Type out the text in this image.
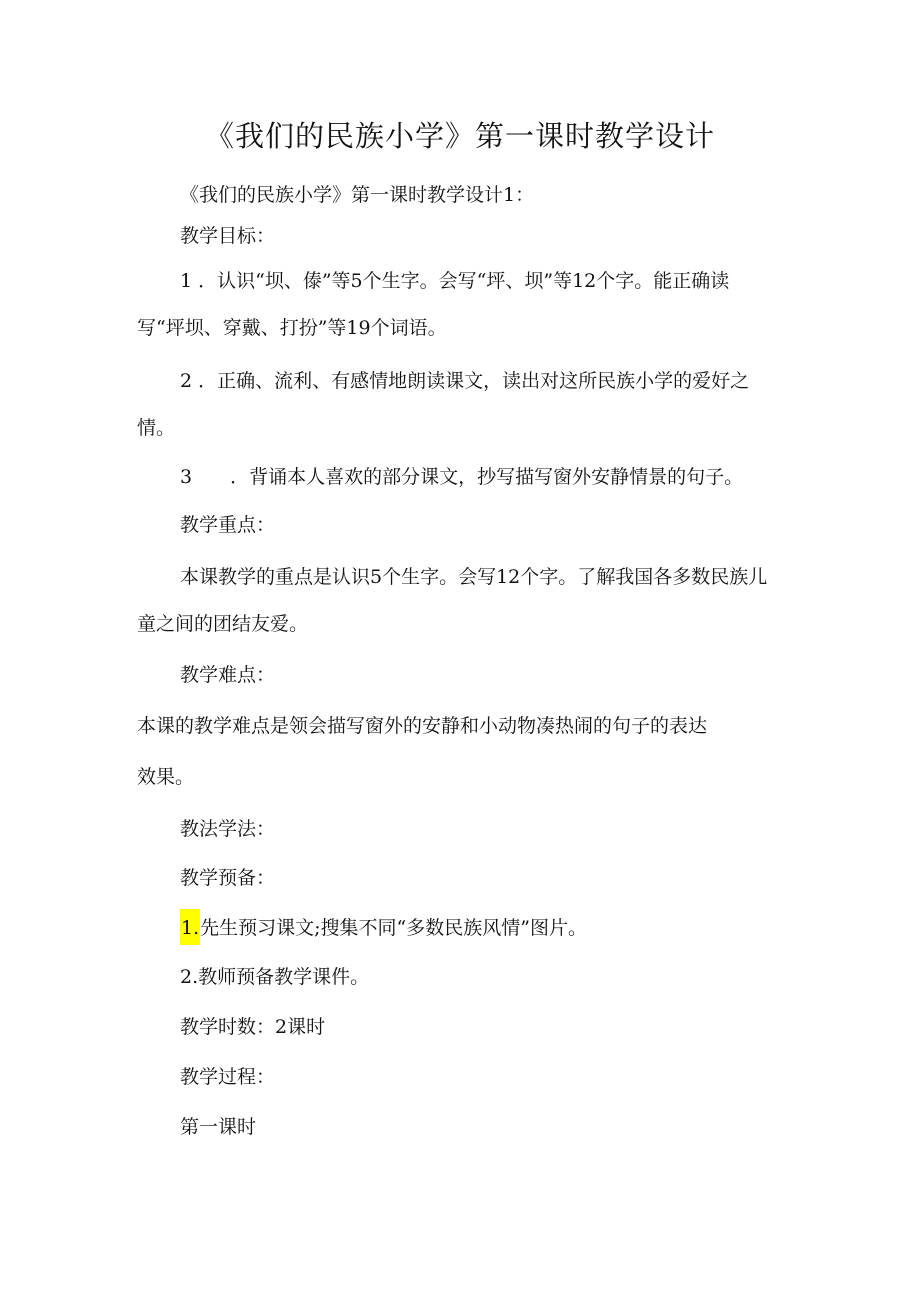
《我们的民族小学》第一课时教学设计
《我们的民族小学》第一课时教学设计1：
教学目标：
1 ．认识“坝、傣”等5个生字。会写“坪、坝”等12个字。能正确读
写“坪坝、穿戴、打扮”等19个词语。
2 ．正确、流利、有感情地朗读课文，读出对这所民族小学的爱好之
情。
3 ．背诵本人喜欢的部分课文，抄写描写窗外安静情景的句子。
教学重点：
本课教学的重点是认识5个生字。会写12个字。了解我国各多数民族儿
童之间的团结友爱。
教学难点：
本课的教学难点是领会描写窗外的安静和小动物凑热闹的句子的表达
效果。
教法学法：
教学预备：
1.先生预习课文;搜集不同“多数民族风情”图片。
2.教师预备教学课件。
教学时数：2课时
教学过程：
第一课时
